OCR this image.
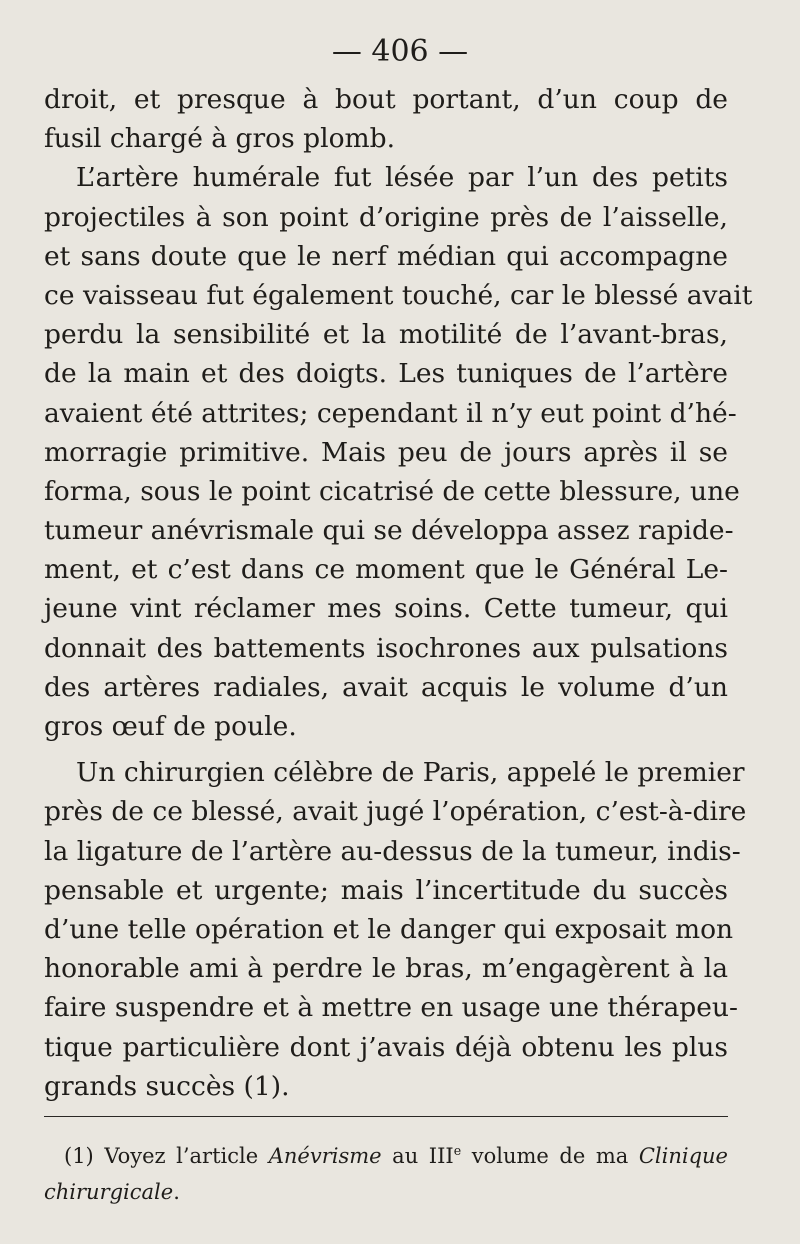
— 406 —
droit, et presque à bout portant, d’un coup de
fusil chargé à gros plomb.
L’artère humérale fut lésée par l’un des petits
projectiles à son point d’origine près de l’aisselle,
et sans doute que le nerf médian qui accompagne
ce vaisseau fut également touché, car le blessé avait
perdu la sensibilité et la motilité de l’avant-bras,
de la main et des doigts. Les tuniques de l’artère
avaient été attrites; cependant il n’y eut point d’hé-
morragie primitive. Mais peu de jours après il se
forma, sous le point cicatrisé de cette blessure, une
tumeur anévrismale qui se développa assez rapide-
ment, et c’est dans ce moment que le Général Le-
jeune vint réclamer mes soins. Cette tumeur, qui
donnait des battements isochrones aux pulsations
des artères radiales, avait acquis le volume d’un
gros œuf de poule.
Un chirurgien célèbre de Paris, appelé le premier
près de ce blessé, avait jugé l’opération, c’est-à-dire
la ligature de l’artère au-dessus de la tumeur, indis-
pensable et urgente; mais l’incertitude du succès
d’une telle opération et le danger qui exposait mon
honorable ami à perdre le bras, m’engagèrent à la
faire suspendre et à mettre en usage une thérapeu-
tique particulière dont j’avais déjà obtenu les plus
grands succès (1).
(1) Voyez l’article Anévrisme au IIIe volume de ma Clinique
chirurgicale.
